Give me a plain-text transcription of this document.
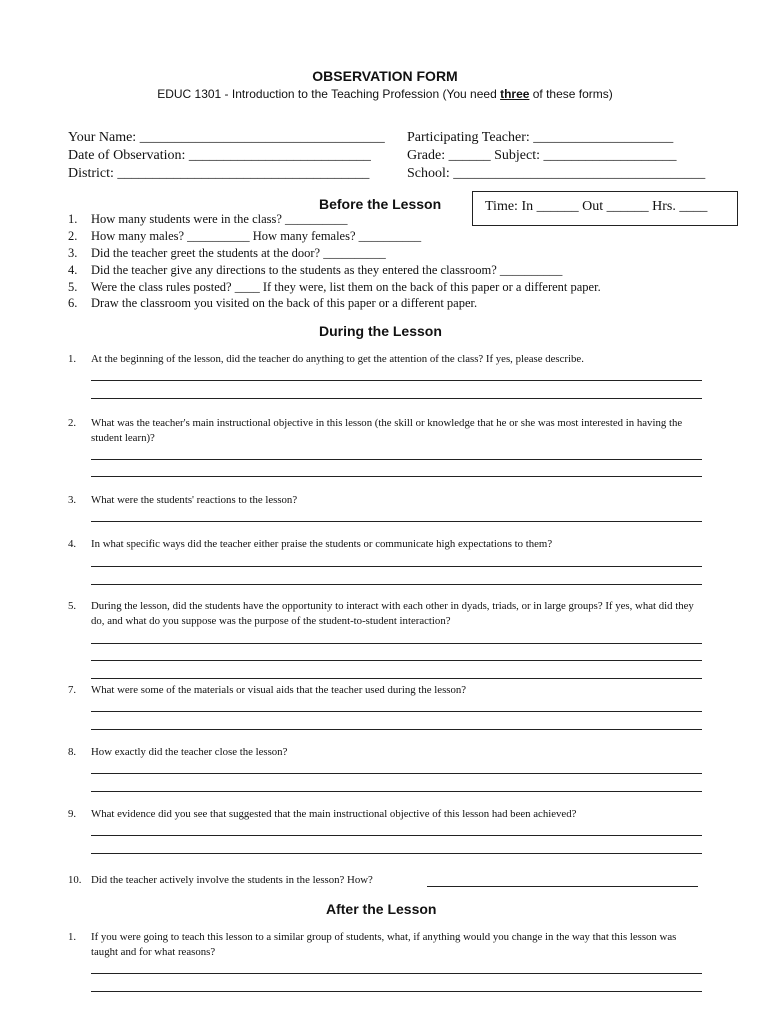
OBSERVATION FORM
EDUC 1301 - Introduction to the Teaching Profession (You need three of these forms)
Your Name: ___________________________________
Date of Observation: __________________________
District: ____________________________________
Participating Teacher: ____________________
Grade: ______ Subject: ___________________
School: ____________________________________
Time: In ______ Out ______ Hrs. ____
Before the Lesson
1. How many students were in the class? __________
2. How many males? __________ How many females? __________
3. Did the teacher greet the students at the door? __________
4. Did the teacher give any directions to the students as they entered the classroom? __________
5. Were the class rules posted? ____ If they were, list them on the back of this paper or a different paper.
6. Draw the classroom you visited on the back of this paper or a different paper.
During the Lesson
1. At the beginning of the lesson, did the teacher do anything to get the attention of the class? If yes, please describe.
2. What was the teacher's main instructional objective in this lesson (the skill or knowledge that he or she was most interested in having the student learn)?
3. What were the students' reactions to the lesson?
4. In what specific ways did the teacher either praise the students or communicate high expectations to them?
5. During the lesson, did the students have the opportunity to interact with each other in dyads, triads, or in large groups? If yes, what did they do, and what do you suppose was the purpose of the student-to-student interaction?
7. What were some of the materials or visual aids that the teacher used during the lesson?
8. How exactly did the teacher close the lesson?
9. What evidence did you see that suggested that the main instructional objective of this lesson had been achieved?
10. Did the teacher actively involve the students in the lesson? How?
After the Lesson
1. If you were going to teach this lesson to a similar group of students, what, if anything would you change in the way that this lesson was taught and for what reasons?
